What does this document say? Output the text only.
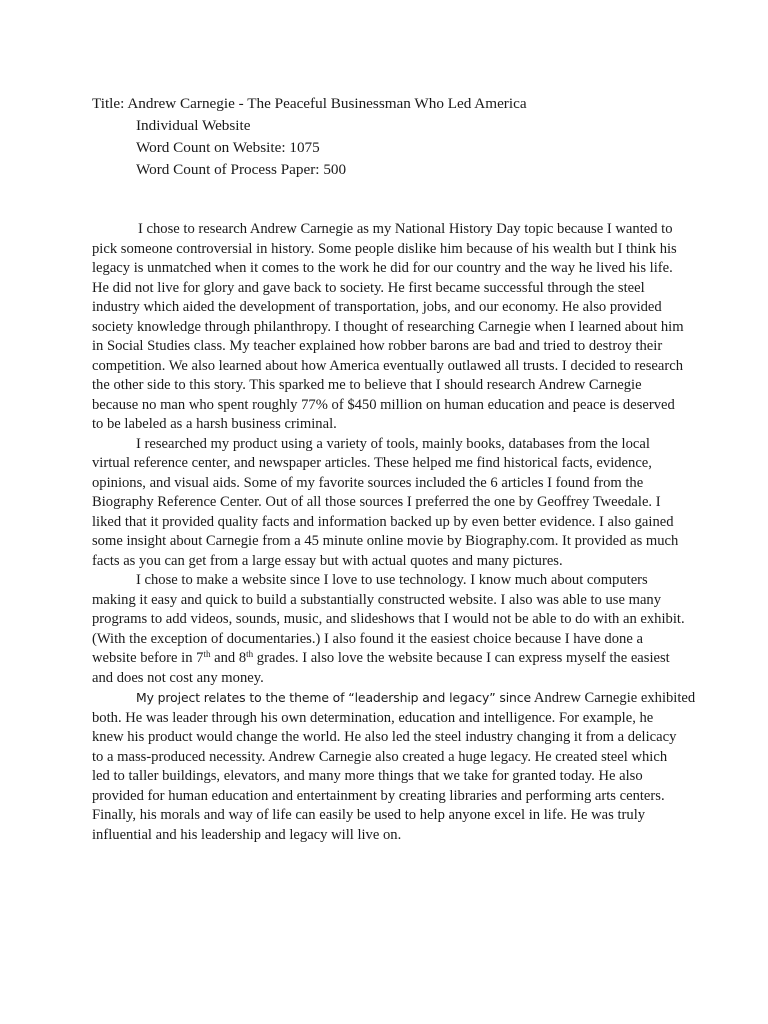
Title: Andrew Carnegie - The Peaceful Businessman Who Led America
Individual Website
Word Count on Website: 1075
Word Count of Process Paper: 500
I chose to research Andrew Carnegie as my National History Day topic because I wanted to
pick someone controversial in history. Some people dislike him because of his wealth but I think his
legacy is unmatched when it comes to the work he did for our country and the way he lived his life.
He did not live for glory and gave back to society. He first became successful through the steel
industry which aided the development of transportation, jobs, and our economy. He also provided
society knowledge through philanthropy. I thought of researching Carnegie when I learned about him
in Social Studies class. My teacher explained how robber barons are bad and tried to destroy their
competition. We also learned about how America eventually outlawed all trusts. I decided to research
the other side to this story. This sparked me to believe that I should research Andrew Carnegie
because no man who spent roughly 77% of $450 million on human education and peace is deserved
to be labeled as a harsh business criminal.
I researched my product using a variety of tools, mainly books, databases from the local
virtual reference center, and newspaper articles. These helped me find historical facts, evidence,
opinions, and visual aids. Some of my favorite sources included the 6 articles I found from the
Biography Reference Center. Out of all those sources I preferred the one by Geoffrey Tweedale. I
liked that it provided quality facts and information backed up by even better evidence. I also gained
some insight about Carnegie from a 45 minute online movie by Biography.com. It provided as much
facts as you can get from a large essay but with actual quotes and many pictures.
I chose to make a website since I love to use technology. I know much about computers
making it easy and quick to build a substantially constructed website. I also was able to use many
programs to add videos, sounds, music, and slideshows that I would not be able to do with an exhibit.
(With the exception of documentaries.) I also found it the easiest choice because I have done a
website before in 7th and 8th grades. I also love the website because I can express myself the easiest
and does not cost any money.
My project relates to the theme of “leadership and legacy” since Andrew Carnegie exhibited
both. He was leader through his own determination, education and intelligence. For example, he
knew his product would change the world. He also led the steel industry changing it from a delicacy
to a mass-produced necessity. Andrew Carnegie also created a huge legacy. He created steel which
led to taller buildings, elevators, and many more things that we take for granted today. He also
provided for human education and entertainment by creating libraries and performing arts centers.
Finally, his morals and way of life can easily be used to help anyone excel in life. He was truly
influential and his leadership and legacy will live on.
